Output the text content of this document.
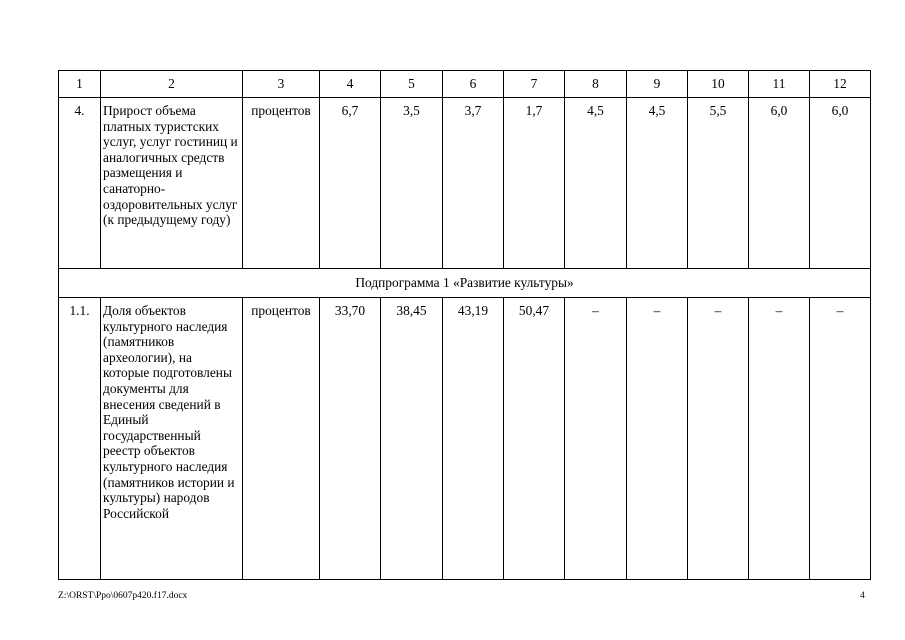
1	2	3	4	5	6	7	8	9	10	11	12
4.	Прирост объема платных туристских услуг, услуг гостиниц и аналогичных средств размещения и санаторно-оздоровительных услуг (к предыдущему году)	процентов	6,7	3,5	3,7	1,7	4,5	4,5	5,5	6,0	6,0
Подпрограмма 1 «Развитие культуры»											
1.1.	Доля объектов культурного наследия (памятников археологии), на которые подготовлены документы для внесения сведений в Единый государственный реестр объектов культурного наследия (памятников истории и культуры) народов Российской	процентов	33,70	38,45	43,19	50,47	–	–	–	–	–
Z:\ORST\Ppo\0607p420.f17.docx	4
